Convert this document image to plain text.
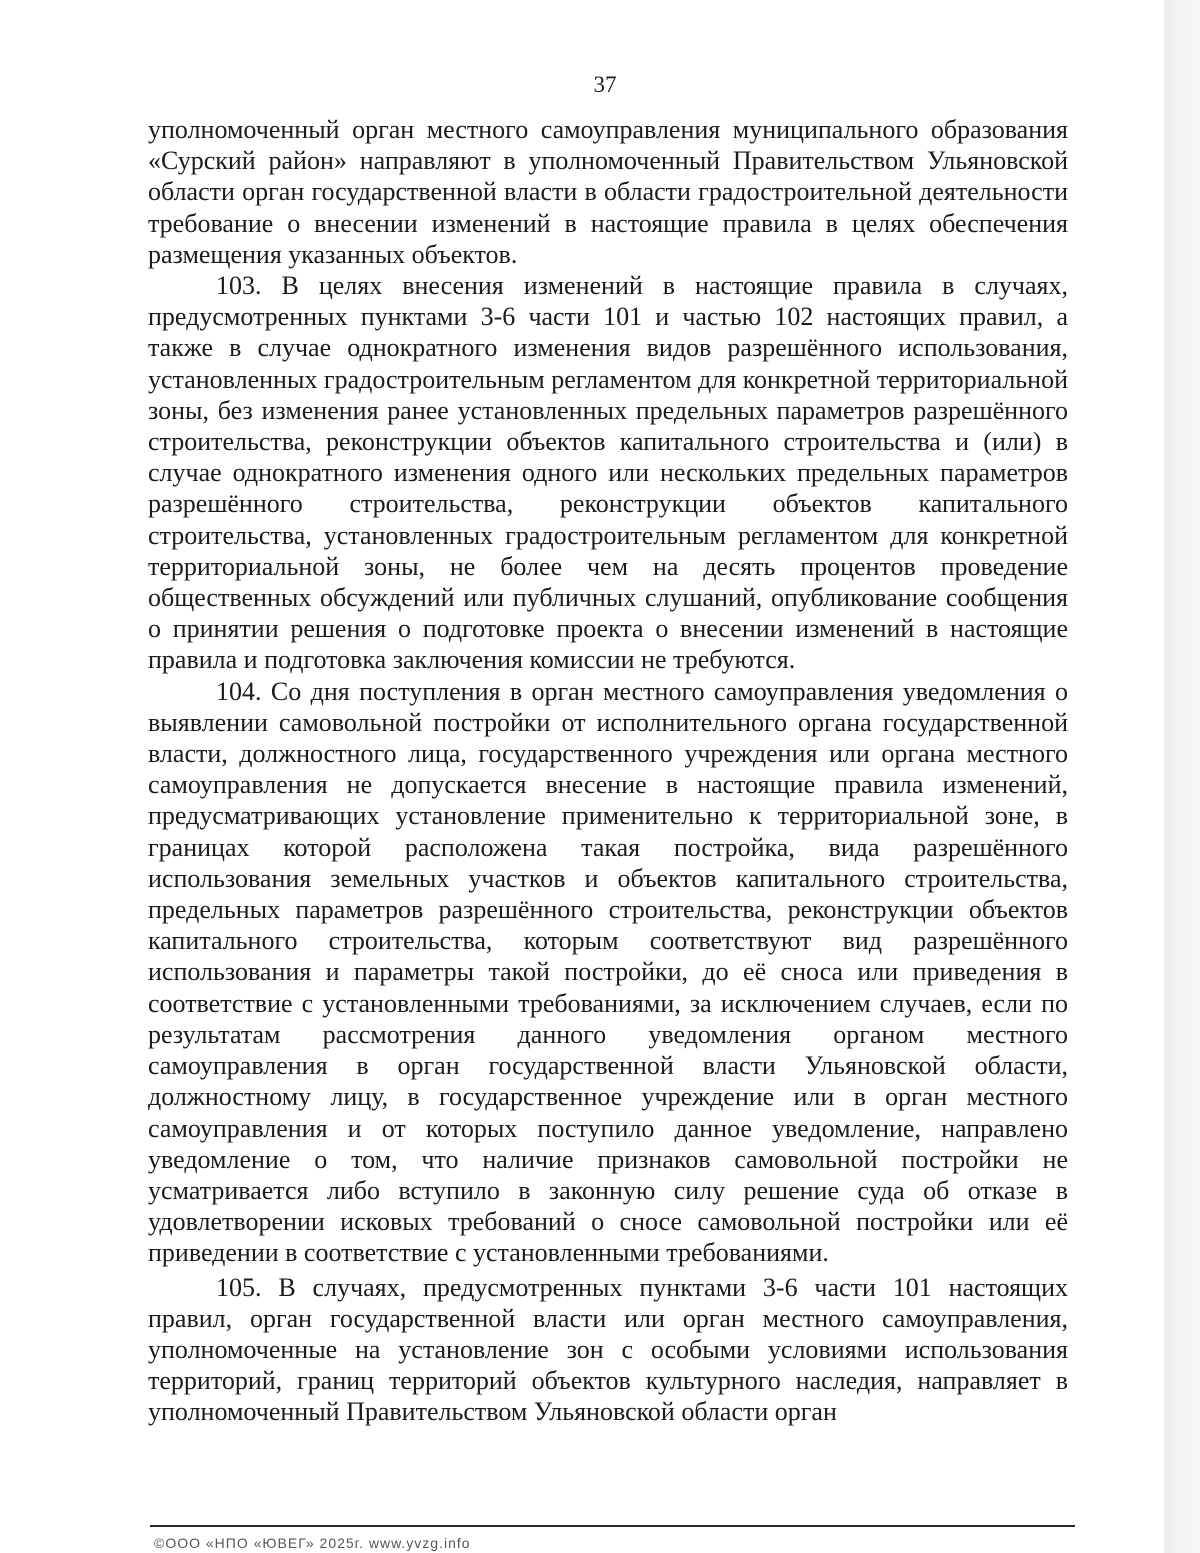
37

уполномоченный орган местного самоуправления муниципального образования «Сурский район» направляют в уполномоченный Правительством Ульяновской области орган государственной власти в области градостроительной деятельности требование о внесении изменений в настоящие правила в целях обеспечения размещения указанных объектов.

103. В целях внесения изменений в настоящие правила в случаях, предусмотренных пунктами 3-6 части 101 и частью 102 настоящих правил, а также в случае однократного изменения видов разрешённого использования, установленных градостроительным регламентом для конкретной территориальной зоны, без изменения ранее установленных предельных параметров разрешённого строительства, реконструкции объектов капитального строительства и (или) в случае однократного изменения одного или нескольких предельных параметров разрешённого строительства, реконструкции объектов капитального строительства, установленных градостроительным регламентом для конкретной территориальной зоны, не более чем на десять процентов проведение общественных обсуждений или публичных слушаний, опубликование сообщения о принятии решения о подготовке проекта о внесении изменений в настоящие правила и подготовка заключения комиссии не требуются.

104. Со дня поступления в орган местного самоуправления уведомления о выявлении самовольной постройки от исполнительного органа государственной власти, должностного лица, государственного учреждения или органа местного самоуправления не допускается внесение в настоящие правила изменений, предусматривающих установление применительно к территориальной зоне, в границах которой расположена такая постройка, вида разрешённого использования земельных участков и объектов капитального строительства, предельных параметров разрешённого строительства, реконструкции объектов капитального строительства, которым соответствуют вид разрешённого использования и параметры такой постройки, до её сноса или приведения в соответствие с установленными требованиями, за исключением случаев, если по результатам рассмотрения данного уведомления органом местного самоуправления в орган государственной власти Ульяновской области, должностному лицу, в государственное учреждение или в орган местного самоуправления и от которых поступило данное уведомление, направлено уведомление о том, что наличие признаков самовольной постройки не усматривается либо вступило в законную силу решение суда об отказе в удовлетворении исковых требований о сносе самовольной постройки или её приведении в соответствие с установленными требованиями.

105. В случаях, предусмотренных пунктами 3-6 части 101 настоящих правил, орган государственной власти или орган местного самоуправления, уполномоченные на установление зон с особыми условиями использования территорий, границ территорий объектов культурного наследия, направляет в уполномоченный Правительством Ульяновской области орган

©ООО «НПО «ЮВЕГ» 2025г. www.yvzg.info
